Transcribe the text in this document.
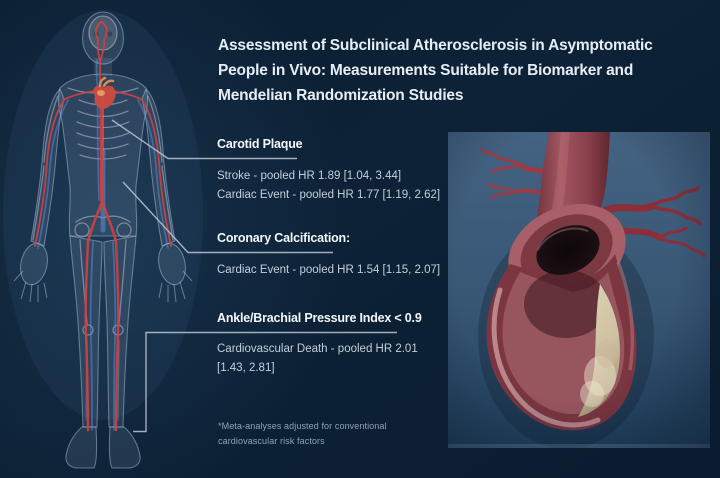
Assessment of Subclinical Atherosclerosis in Asymptomatic
People in Vivo: Measurements Suitable for Biomarker and
Mendelian Randomization Studies
Carotid Plaque
Stroke - pooled HR 1.89 [1.04, 3.44]
Cardiac Event - pooled HR 1.77 [1.19, 2.62]
Coronary Calcification:
Cardiac Event - pooled HR 1.54 [1.15, 2.07]
Ankle/Brachial Pressure Index < 0.9
Cardiovascular Death - pooled HR 2.01
[1.43, 2.81]
*Meta-analyses adjusted for conventional
cardiovascular risk factors
